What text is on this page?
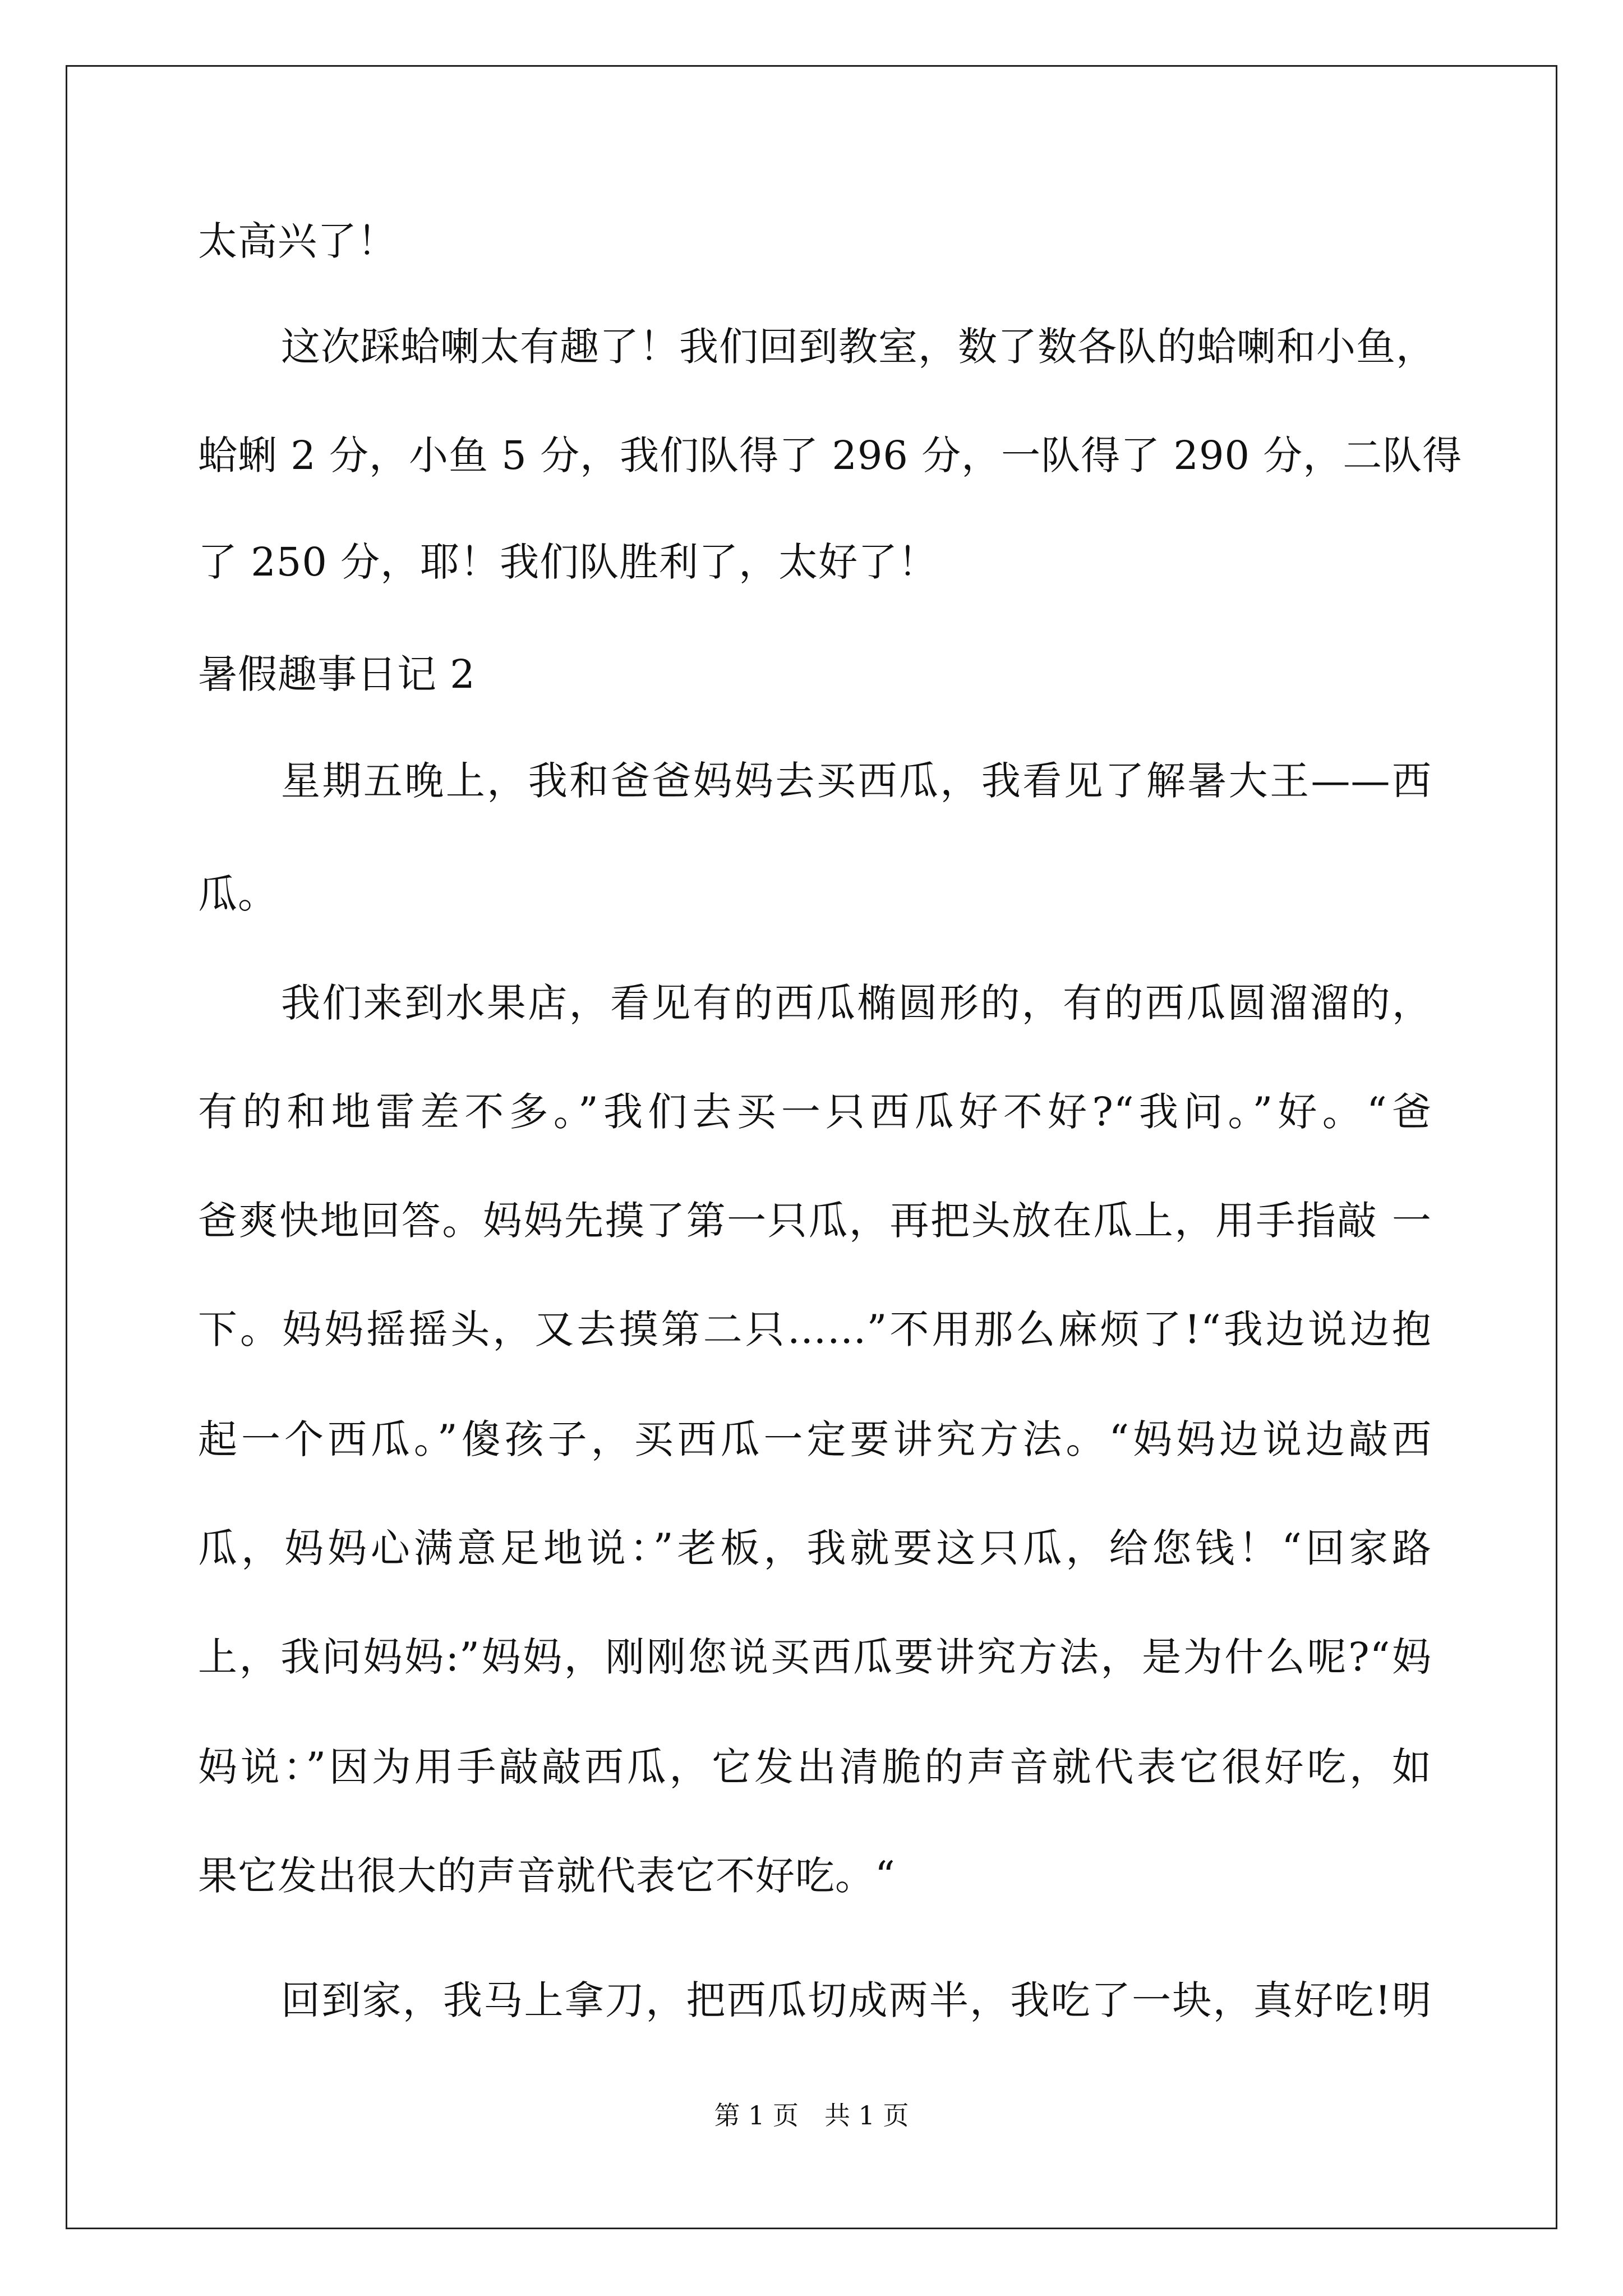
太高兴了！
这次踩蛤喇太有趣了！我们回到教室，数了数各队的蛤喇和小鱼，
蛤蜊 2 分，小鱼 5 分，我们队得了 296 分，一队得了 290 分，二队得
了 250 分，耶！我们队胜利了，太好了！
暑假趣事日记 2
星期五晚上，我和爸爸妈妈去买西瓜，我看见了解暑大王——西
瓜。
我们来到水果店，看见有的西瓜椭圆形的，有的西瓜圆溜溜的，
有的和地雷差不多。”我们去买一只西瓜好不好?“我问。”好。“爸
爸爽快地回答。妈妈先摸了第一只瓜，再把头放在瓜上，用手指敲 一
下。妈妈摇摇头，又去摸第二只……”不用那么麻烦了!“我边说边抱
起一个西瓜。”傻孩子，买西瓜一定要讲究方法。“妈妈边说边敲西
瓜，妈妈心满意足地说：”老板，我就要这只瓜，给您钱！“回家路
上，我问妈妈:”妈妈，刚刚您说买西瓜要讲究方法，是为什么呢?“妈
妈说：”因为用手敲敲西瓜，它发出清脆的声音就代表它很好吃，如
果它发出很大的声音就代表它不好吃。“
回到家，我马上拿刀，把西瓜切成两半，我吃了一块，真好吃!明
第 1 页　共 1 页
